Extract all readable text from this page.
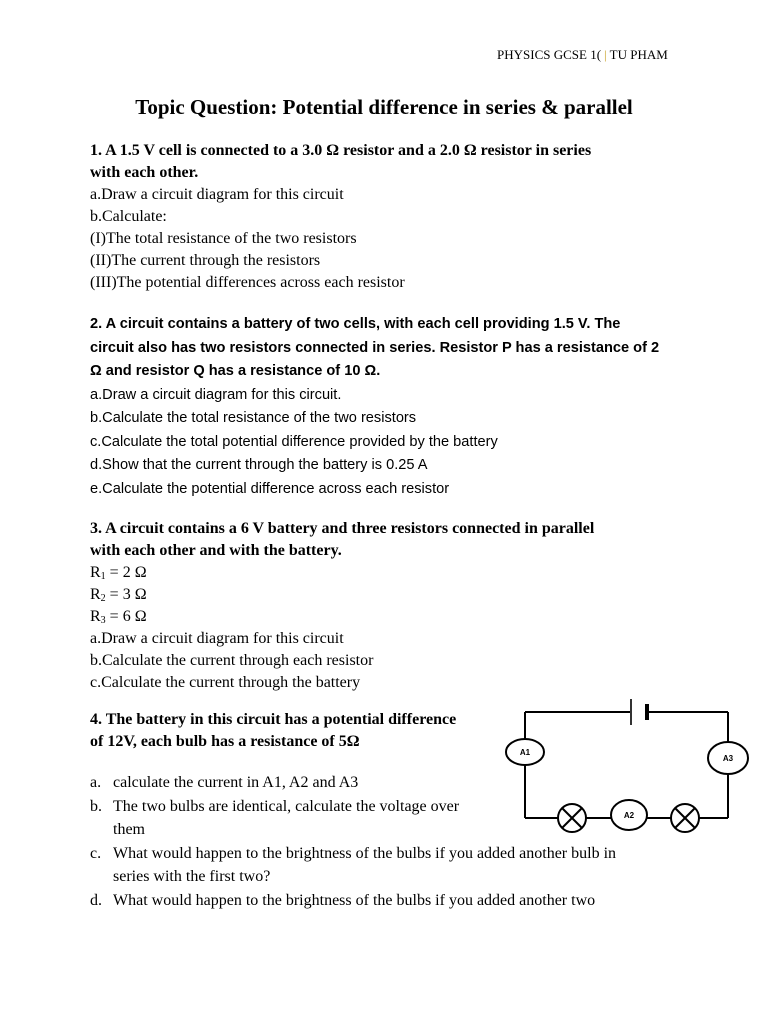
PHYSICS GCSE 1( | TU PHAM
Topic Question: Potential difference in series & parallel
1. A 1.5 V cell is connected to a 3.0 Ω resistor and a 2.0 Ω resistor in series
with each other.
a.Draw a circuit diagram for this circuit
b.Calculate:
(I)The total resistance of the two resistors
(II)The current through the resistors
(III)The potential differences across each resistor
2. A circuit contains a battery of two cells, with each cell providing 1.5 V. The
circuit also has two resistors connected in series. Resistor P has a resistance of 2
Ω and resistor Q has a resistance of 10 Ω.
a.Draw a circuit diagram for this circuit.
b.Calculate the total resistance of the two resistors
c.Calculate the total potential difference provided by the battery
d.Show that the current through the battery is 0.25 A
e.Calculate the potential difference across each resistor
3. A circuit contains a 6 V battery and three resistors connected in parallel
with each other and with the battery.
$R_1 = 2$ Ω
$R_2 = 3$ Ω
$R_3 = 6$ Ω
a.Draw a circuit diagram for this circuit
b.Calculate the current through each resistor
c.Calculate the current through the battery
4. The battery in this circuit has a potential difference
of 12V, each bulb has a resistance of 5Ω
a. calculate the current in A1, A2 and A3
b. The two bulbs are identical, calculate the voltage over
them
c. What would happen to the brightness of the bulbs if you added another bulb in
series with the first two?
d. What would happen to the brightness of the bulbs if you added another two
A1
A3
A2
